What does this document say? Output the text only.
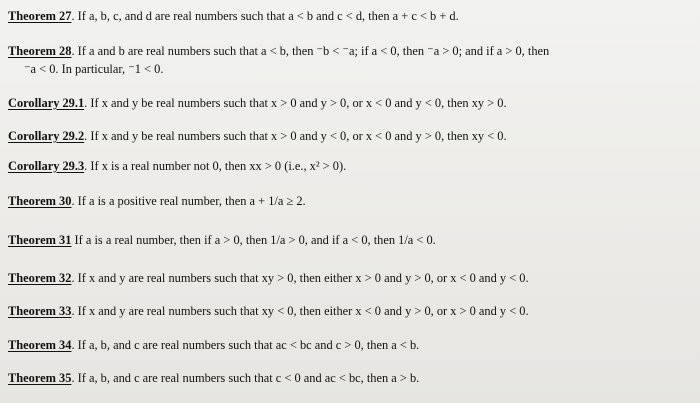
Theorem 27. If a, b, c, and d are real numbers such that a < b and c < d, then a + c < b + d.
Theorem 28. If a and b are real numbers such that a < b, then ⁻b < ⁻a; if a < 0, then ⁻a > 0; and if a > 0, then
⁻a < 0. In particular, ⁻1 < 0.
Corollary 29.1. If x and y be real numbers such that x > 0 and y > 0, or x < 0 and y < 0, then xy > 0.
Corollary 29.2. If x and y be real numbers such that x > 0 and y < 0, or x < 0 and y > 0, then xy < 0.
Corollary 29.3. If x is a real number not 0, then xx > 0 (i.e., x² > 0).
Theorem 30. If a is a positive real number, then a + 1/a ≥ 2.
Theorem 31 If a is a real number, then if a > 0, then 1/a > 0, and if a < 0, then 1/a < 0.
Theorem 32. If x and y are real numbers such that xy > 0, then either x > 0 and y > 0, or x < 0 and y < 0.
Theorem 33. If x and y are real numbers such that xy < 0, then either x < 0 and y > 0, or x > 0 and y < 0.
Theorem 34. If a, b, and c are real numbers such that ac < bc and c > 0, then a < b.
Theorem 35. If a, b, and c are real numbers such that c < 0 and ac < bc, then a > b.
